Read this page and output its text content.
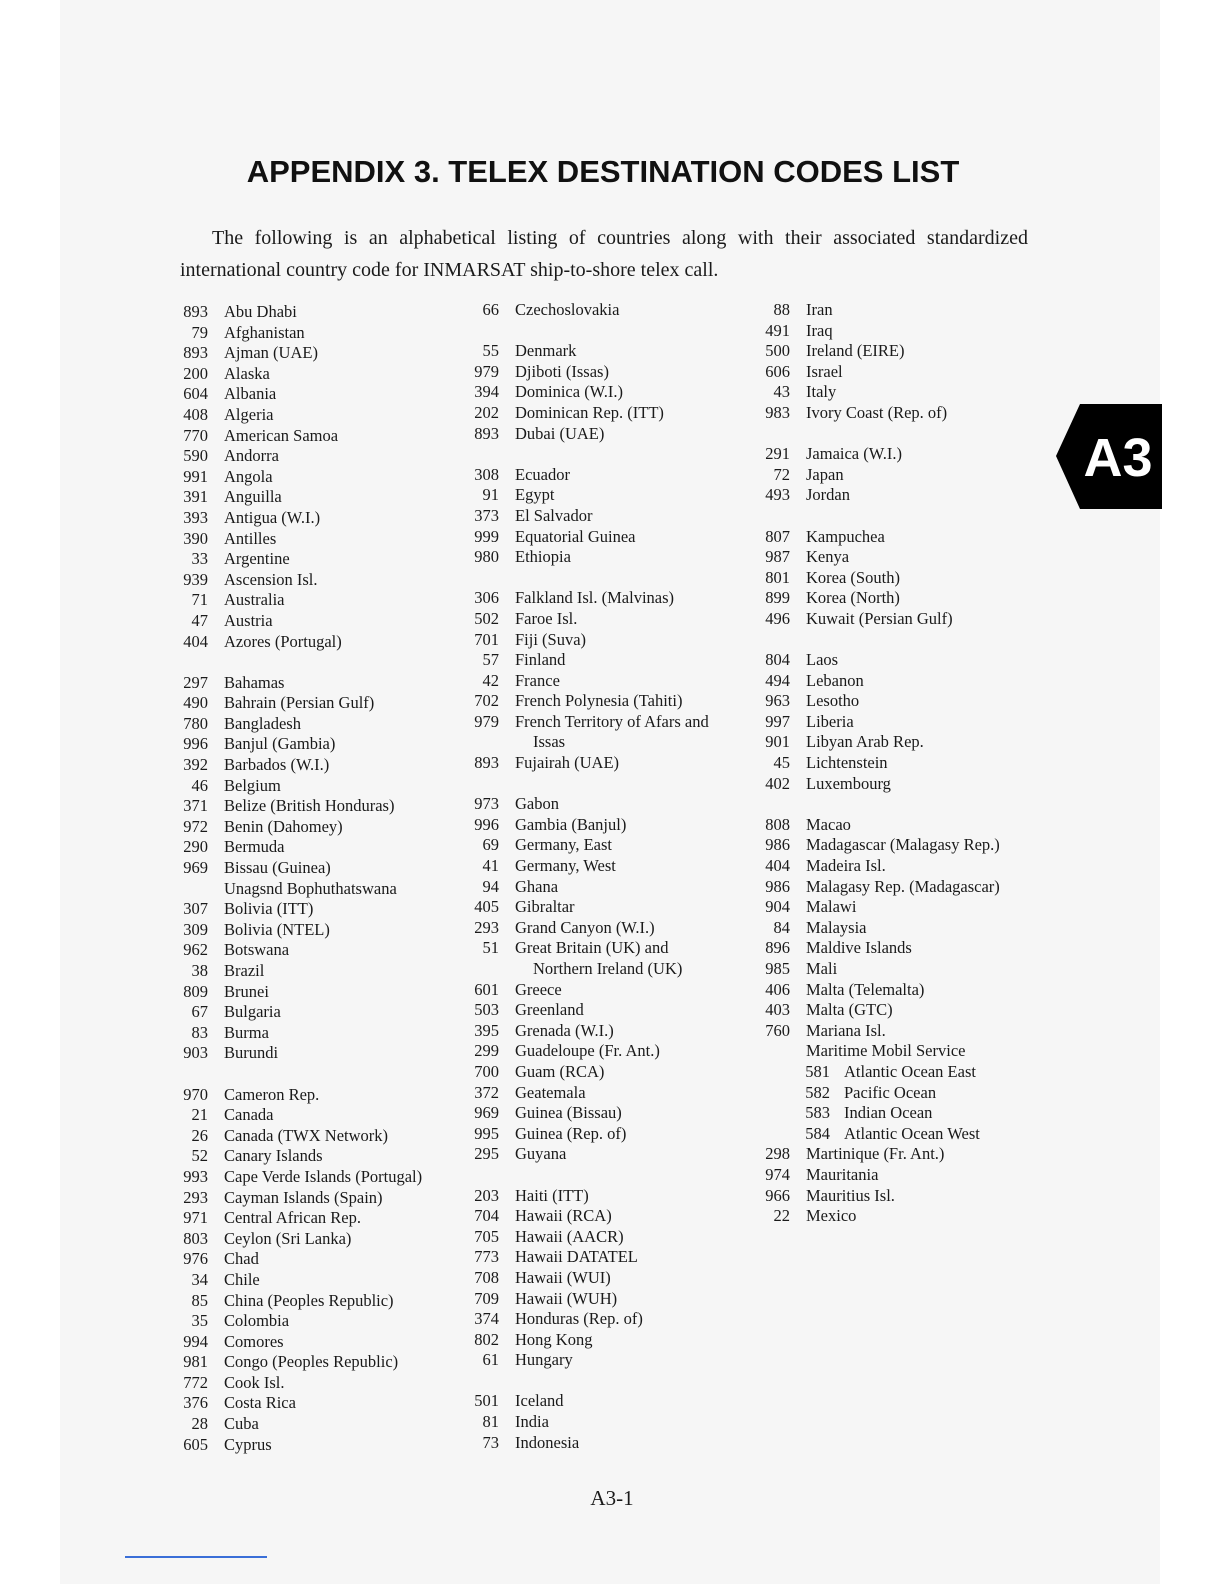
APPENDIX 3. TELEX DESTINATION CODES LIST
The following is an alphabetical listing of countries along with their associated standardized international country code for INMARSAT ship-to-shore telex call.
893 Abu Dhabi
79 Afghanistan
893 Ajman (UAE)
200 Alaska
604 Albania
408 Algeria
770 American Samoa
590 Andorra
991 Angola
391 Anguilla
393 Antigua (W.I.)
390 Antilles
33 Argentine
939 Ascension Isl.
71 Australia
47 Austria
404 Azores (Portugal)
297 Bahamas
490 Bahrain (Persian Gulf)
780 Bangladesh
996 Banjul (Gambia)
392 Barbados (W.I.)
46 Belgium
371 Belize (British Honduras)
972 Benin (Dahomey)
290 Bermuda
969 Bissau (Guinea)
Unagsnd Bophuthatswana
307 Bolivia (ITT)
309 Bolivia (NTEL)
962 Botswana
38 Brazil
809 Brunei
67 Bulgaria
83 Burma
903 Burundi
970 Cameron Rep.
21 Canada
26 Canada (TWX Network)
52 Canary Islands
993 Cape Verde Islands (Portugal)
293 Cayman Islands (Spain)
971 Central African Rep.
803 Ceylon (Sri Lanka)
976 Chad
34 Chile
85 China (Peoples Republic)
35 Colombia
994 Comores
981 Congo (Peoples Republic)
772 Cook Isl.
376 Costa Rica
28 Cuba
605 Cyprus
66 Czechoslovakia
55 Denmark
979 Djiboti (Issas)
394 Dominica (W.I.)
202 Dominican Rep. (ITT)
893 Dubai (UAE)
308 Ecuador
91 Egypt
373 El Salvador
999 Equatorial Guinea
980 Ethiopia
306 Falkland Isl. (Malvinas)
502 Faroe Isl.
701 Fiji (Suva)
57 Finland
42 France
702 French Polynesia (Tahiti)
979 French Territory of Afars and
Issas
893 Fujairah (UAE)
973 Gabon
996 Gambia (Banjul)
69 Germany, East
41 Germany, West
94 Ghana
405 Gibraltar
293 Grand Canyon (W.I.)
51 Great Britain (UK) and
Northern Ireland (UK)
601 Greece
503 Greenland
395 Grenada (W.I.)
299 Guadeloupe (Fr. Ant.)
700 Guam (RCA)
372 Geatemala
969 Guinea (Bissau)
995 Guinea (Rep. of)
295 Guyana
203 Haiti (ITT)
704 Hawaii (RCA)
705 Hawaii (AACR)
773 Hawaii DATATEL
708 Hawaii (WUI)
709 Hawaii (WUH)
374 Honduras (Rep. of)
802 Hong Kong
61 Hungary
501 Iceland
81 India
73 Indonesia
88 Iran
491 Iraq
500 Ireland (EIRE)
606 Israel
43 Italy
983 Ivory Coast (Rep. of)
291 Jamaica (W.I.)
72 Japan
493 Jordan
807 Kampuchea
987 Kenya
801 Korea (South)
899 Korea (North)
496 Kuwait (Persian Gulf)
804 Laos
494 Lebanon
963 Lesotho
997 Liberia
901 Libyan Arab Rep.
45 Lichtenstein
402 Luxembourg
808 Macao
986 Madagascar (Malagasy Rep.)
404 Madeira Isl.
986 Malagasy Rep. (Madagascar)
904 Malawi
84 Malaysia
896 Maldive Islands
985 Mali
406 Malta (Telemalta)
403 Malta (GTC)
760 Mariana Isl.
Maritime Mobil Service
581 Atlantic Ocean East
582 Pacific Ocean
583 Indian Ocean
584 Atlantic Ocean West
298 Martinique (Fr. Ant.)
974 Mauritania
966 Mauritius Isl.
22 Mexico
A3
A3-1
